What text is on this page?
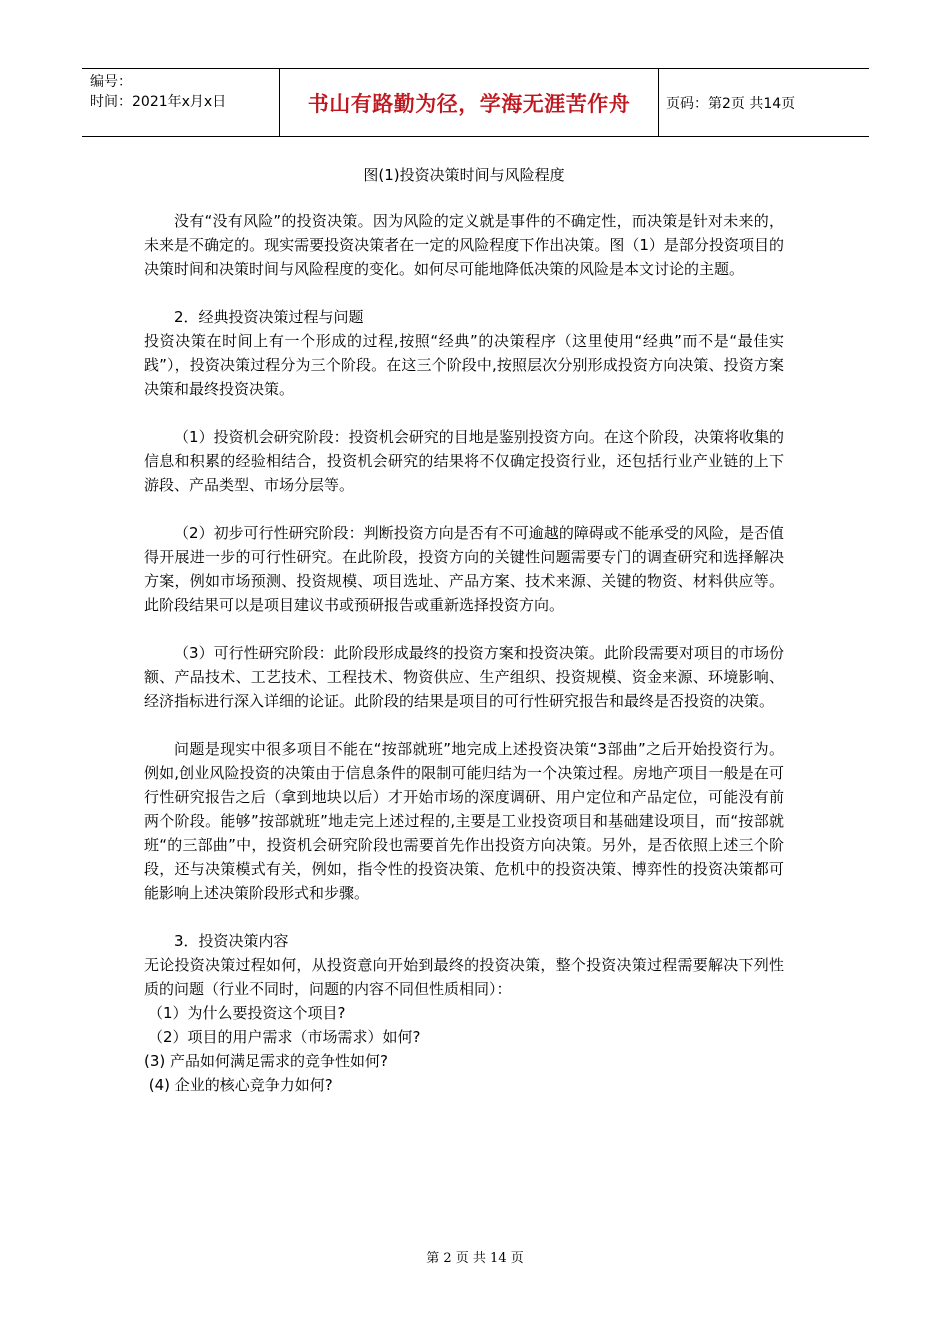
编号：
时间：2021年x月x日	书山有路勤为径，学海无涯苦作舟	页码：第2页 共14页
图(1)投资决策时间与风险程度

没有“没有风险”的投资决策。因为风险的定义就是事件的不确定性，而决策是针对未来的，未来是不确定的。现实需要投资决策者在一定的风险程度下作出决策。图（1）是部分投资项目的决策时间和决策时间与风险程度的变化。如何尽可能地降低决策的风险是本文讨论的主题。

2．经典投资决策过程与问题

投资决策在时间上有一个形成的过程,按照“经典”的决策程序（这里使用“经典”而不是“最佳实践”），投资决策过程分为三个阶段。在这三个阶段中,按照层次分别形成投资方向决策、投资方案决策和最终投资决策。

（1）投资机会研究阶段：投资机会研究的目地是鉴别投资方向。在这个阶段，决策将收集的信息和积累的经验相结合，投资机会研究的结果将不仅确定投资行业，还包括行业产业链的上下游段、产品类型、市场分层等。

（2）初步可行性研究阶段：判断投资方向是否有不可逾越的障碍或不能承受的风险，是否值得开展进一步的可行性研究。在此阶段，投资方向的关键性问题需要专门的调查研究和选择解决方案，例如市场预测、投资规模、项目选址、产品方案、技术来源、关键的物资、材料供应等。此阶段结果可以是项目建议书或预研报告或重新选择投资方向。

（3）可行性研究阶段：此阶段形成最终的投资方案和投资决策。此阶段需要对项目的市场份额、产品技术、工艺技术、工程技术、物资供应、生产组织、投资规模、资金来源、环境影响、经济指标进行深入详细的论证。此阶段的结果是项目的可行性研究报告和最终是否投资的决策。

问题是现实中很多项目不能在“按部就班”地完成上述投资决策“3部曲”之后开始投资行为。例如,创业风险投资的决策由于信息条件的限制可能归结为一个决策过程。房地产项目一般是在可行性研究报告之后（拿到地块以后）才开始市场的深度调研、用户定位和产品定位，可能没有前两个阶段。能够”按部就班”地走完上述过程的,主要是工业投资项目和基础建设项目，而“按部就班“的三部曲”中，投资机会研究阶段也需要首先作出投资方向决策。另外，是否依照上述三个阶段，还与决策模式有关，例如，指令性的投资决策、危机中的投资决策、博弈性的投资决策都可能影响上述决策阶段形式和步骤。

3．投资决策内容

无论投资决策过程如何，从投资意向开始到最终的投资决策，整个投资决策过程需要解决下列性质的问题（行业不同时，问题的内容不同但性质相同）：

（1）为什么要投资这个项目?

（2）项目的用户需求（市场需求）如何?

(3) 产品如何满足需求的竞争性如何?

(4) 企业的核心竞争力如何?

第 2 页 共 14 页
